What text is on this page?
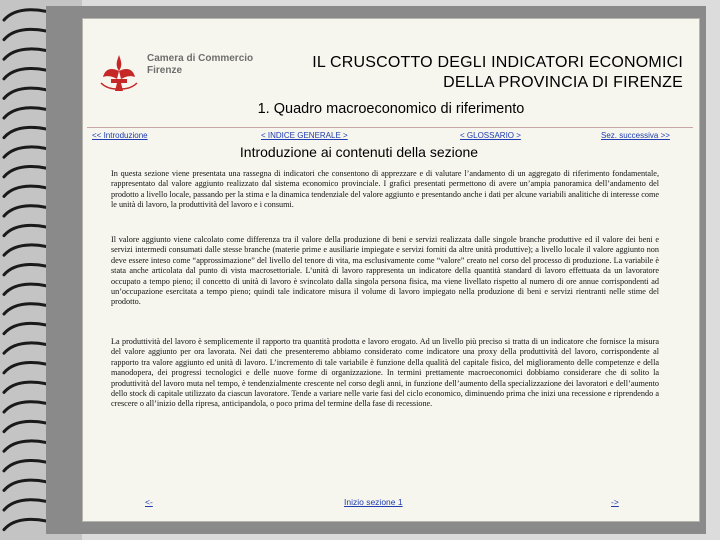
Camera di Commercio
Firenze	IL CRUSCOTTO DEGLI INDICATORI ECONOMICI
DELLA PROVINCIA DI FIRENZE
1. Quadro macroeconomico di riferimento
<< Introduzione	< INDICE GENERALE >	< GLOSSARIO >	Sez. successiva >>
Introduzione ai contenuti della sezione

In questa sezione viene presentata una rassegna di indicatori che consentono di apprezzare e di valutare l’andamento di un aggregato di riferimento fondamentale, rappresentato dal valore aggiunto realizzato dal sistema economico provinciale. I grafici presentati permettono di avere un’ampia panoramica dell’andamento del prodotto a livello locale, passando per la stima e la dinamica tendenziale del valore aggiunto e presentando anche i dati per alcune variabili analitiche di interesse come le unità di lavoro, la produttività del lavoro e i consumi.

Il valore aggiunto viene calcolato come differenza tra il valore della produzione di beni e servizi realizzata dalle singole branche produttive ed il valore dei beni e servizi intermedi consumati dalle stesse branche (materie prime e ausiliarie impiegate e servizi forniti da altre unità produttive); a livello locale il valore aggiunto non deve essere inteso come “approssimazione” del livello del tenore di vita, ma esclusivamente come “valore” creato nel corso del processo di produzione. La variabile è stata anche articolata dal punto di vista macrosettoriale. L’unità di lavoro rappresenta un indicatore della quantità standard di lavoro effettuata da un lavoratore occupato a tempo pieno; il concetto di unità di lavoro è svincolato dalla singola persona fisica, ma viene livellato rispetto al numero di ore annue corrispondenti ad un’occupazione esercitata a tempo pieno; quindi tale indicatore misura il volume di lavoro impiegato nella produzione di beni e servizi rientranti nelle stime del prodotto.

La produttività del lavoro è semplicemente il rapporto tra quantità prodotta e lavoro erogato. Ad un livello più preciso si tratta di un indicatore che fornisce la misura del valore aggiunto per ora lavorata. Nei dati che presenteremo abbiamo considerato come indicatore una proxy della produttività del lavoro, corrispondente al rapporto tra valore aggiunto ed unità di lavoro. L’incremento di tale variabile è funzione della qualità del capitale fisico, del miglioramento delle competenze e della manodopera, dei progressi tecnologici e delle nuove forme di organizzazione. In termini prettamente macroeconomici dobbiamo considerare che di solito la produttività del lavoro muta nel tempo, è tendenzialmente crescente nel corso degli anni, in funzione dell’aumento della specializzazione dei lavoratori e dell’aumento dello stock di capitale utilizzato da ciascun lavoratore. Tende a variare nelle varie fasi del ciclo economico, diminuendo prima che inizi una recessione e riprendendo a crescere o all’inizio della ripresa, anticipandola, o poco prima del termine della fase di recessione.

<-	Inizio sezione 1	->
